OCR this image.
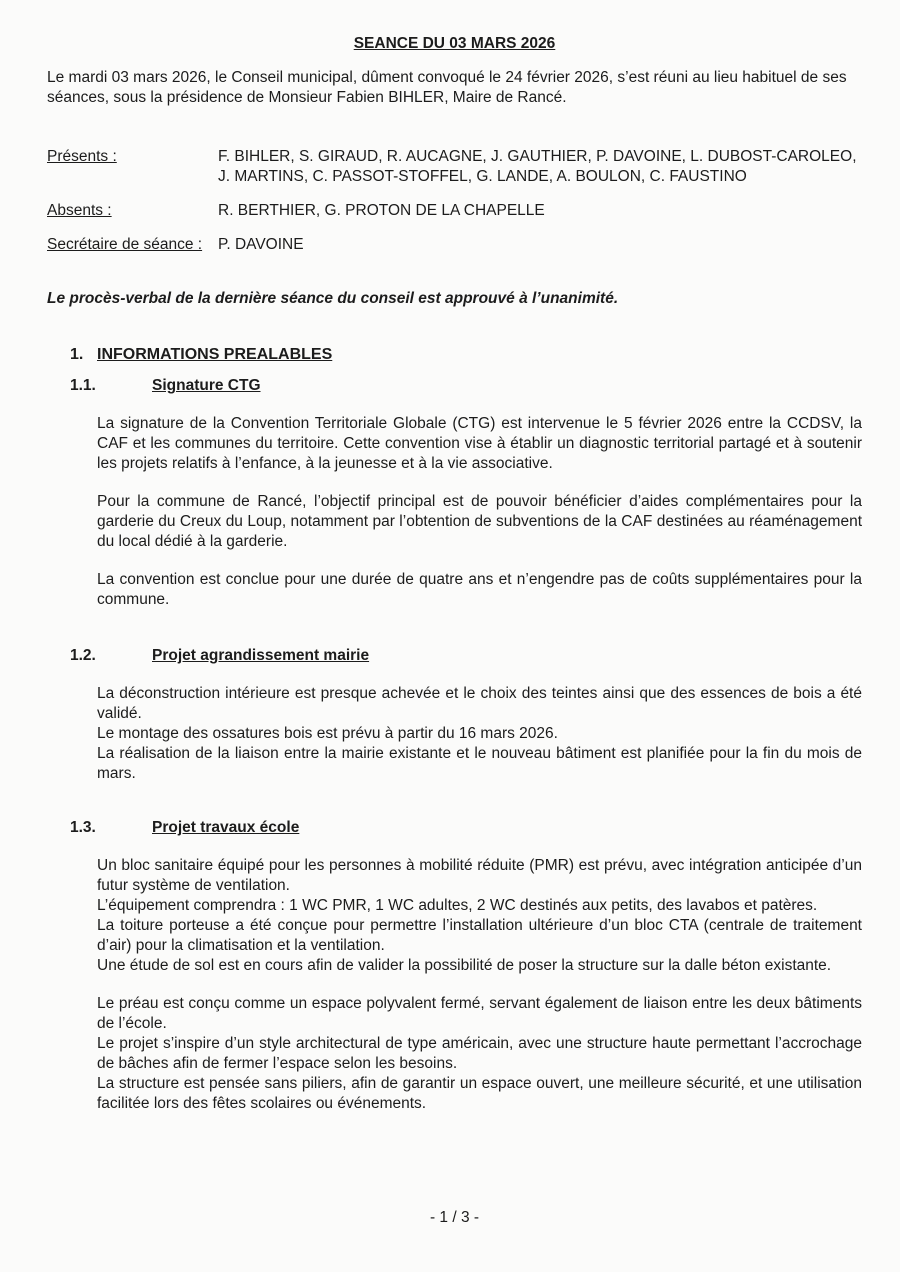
SEANCE DU 03 MARS 2026

Le mardi 03 mars 2026, le Conseil municipal, dûment convoqué le 24 février 2026, s’est réuni au lieu habituel de ses séances, sous la présidence de Monsieur Fabien BIHLER, Maire de Rancé.

Présents :	F. BIHLER, S. GIRAUD, R. AUCAGNE, J. GAUTHIER, P. DAVOINE, L. DUBOST-CAROLEO, J. MARTINS, C. PASSOT-STOFFEL, G. LANDE, A. BOULON, C. FAUSTINO
Absents :	R. BERTHIER, G. PROTON DE LA CHAPELLE
Secrétaire de séance :	P. DAVOINE

Le procès-verbal de la dernière séance du conseil est approuvé à l’unanimité.

1. INFORMATIONS PREALABLES
1.1.	Signature CTG

La signature de la Convention Territoriale Globale (CTG) est intervenue le 5 février 2026 entre la CCDSV, la CAF et les communes du territoire. Cette convention vise à établir un diagnostic territorial partagé et à soutenir les projets relatifs à l’enfance, à la jeunesse et à la vie associative.

Pour la commune de Rancé, l’objectif principal est de pouvoir bénéficier d’aides complémentaires pour la garderie du Creux du Loup, notamment par l’obtention de subventions de la CAF destinées au réaménagement du local dédié à la garderie.

La convention est conclue pour une durée de quatre ans et n’engendre pas de coûts supplémentaires pour la commune.

1.2.	Projet agrandissement mairie

La déconstruction intérieure est presque achevée et le choix des teintes ainsi que des essences de bois a été validé.

Le montage des ossatures bois est prévu à partir du 16 mars 2026.

La réalisation de la liaison entre la mairie existante et le nouveau bâtiment est planifiée pour la fin du mois de mars.

1.3.	Projet travaux école

Un bloc sanitaire équipé pour les personnes à mobilité réduite (PMR) est prévu, avec intégration anticipée d’un futur système de ventilation.

L’équipement comprendra : 1 WC PMR, 1 WC adultes, 2 WC destinés aux petits, des lavabos et patères.

La toiture porteuse a été conçue pour permettre l’installation ultérieure d’un bloc CTA (centrale de traitement d’air) pour la climatisation et la ventilation.

Une étude de sol est en cours afin de valider la possibilité de poser la structure sur la dalle béton existante.

Le préau est conçu comme un espace polyvalent fermé, servant également de liaison entre les deux bâtiments de l’école.

Le projet s’inspire d’un style architectural de type américain, avec une structure haute permettant l’accrochage de bâches afin de fermer l’espace selon les besoins.

La structure est pensée sans piliers, afin de garantir un espace ouvert, une meilleure sécurité, et une utilisation facilitée lors des fêtes scolaires ou événements.

- 1 / 3 -
